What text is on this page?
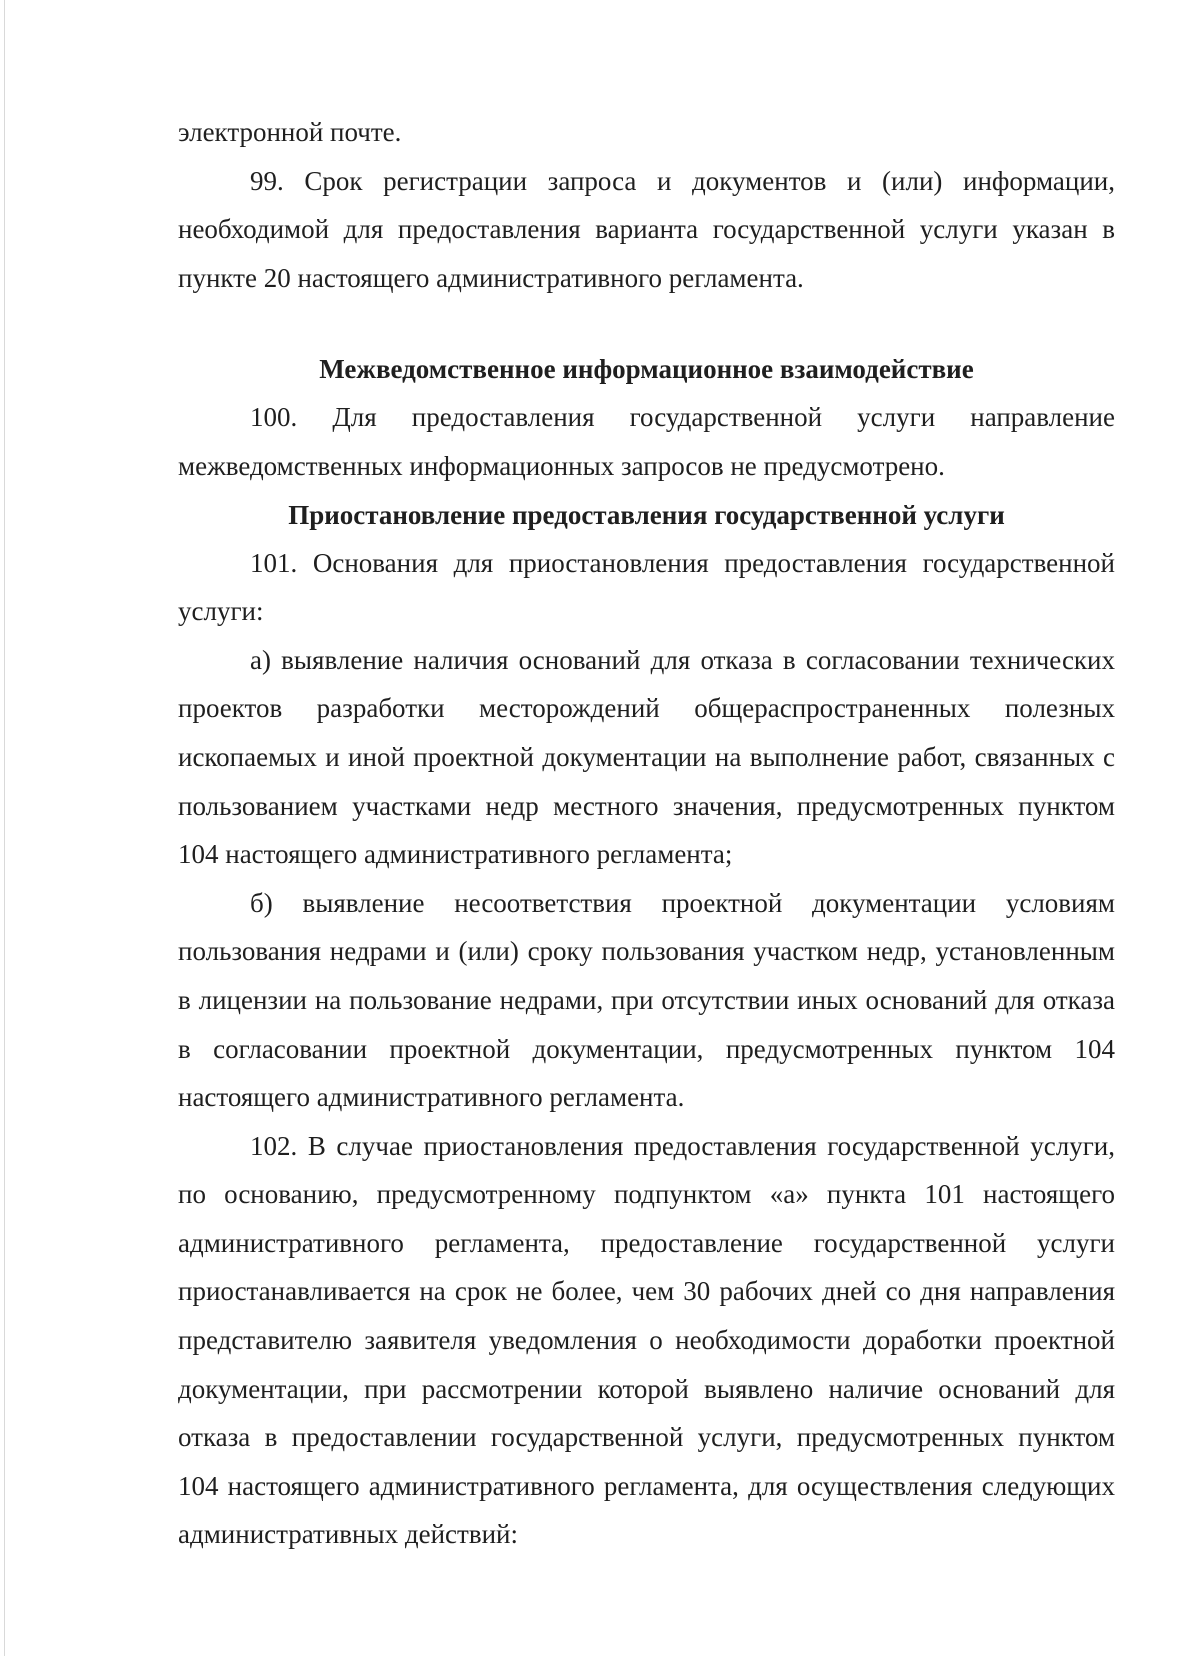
электронной почте.

99. Срок регистрации запроса и документов и (или) информации, необходимой для предоставления варианта государственной услуги указан в пункте 20 настоящего административного регламента.

Межведомственное информационное взаимодействие

100. Для предоставления государственной услуги направление межведомственных информационных запросов не предусмотрено.

Приостановление предоставления государственной услуги

101. Основания для приостановления предоставления государственной услуги:

а) выявление наличия оснований для отказа в согласовании технических проектов разработки месторождений общераспространенных полезных ископаемых и иной проектной документации на выполнение работ, связанных с пользованием участками недр местного значения, предусмотренных пунктом 104 настоящего административного регламента;

б) выявление несоответствия проектной документации условиям пользования недрами и (или) сроку пользования участком недр, установленным в лицензии на пользование недрами, при отсутствии иных оснований для отказа в согласовании проектной документации, предусмотренных пунктом 104 настоящего административного регламента.

102. В случае приостановления предоставления государственной услуги, по основанию, предусмотренному подпунктом «а» пункта 101 настоящего административного регламента, предоставление государственной услуги приостанавливается на срок не более, чем 30 рабочих дней со дня направления представителю заявителя уведомления о необходимости доработки проектной документации, при рассмотрении которой выявлено наличие оснований для отказа в предоставлении государственной услуги, предусмотренных пунктом 104 настоящего административного регламента, для осуществления следующих административных действий:
